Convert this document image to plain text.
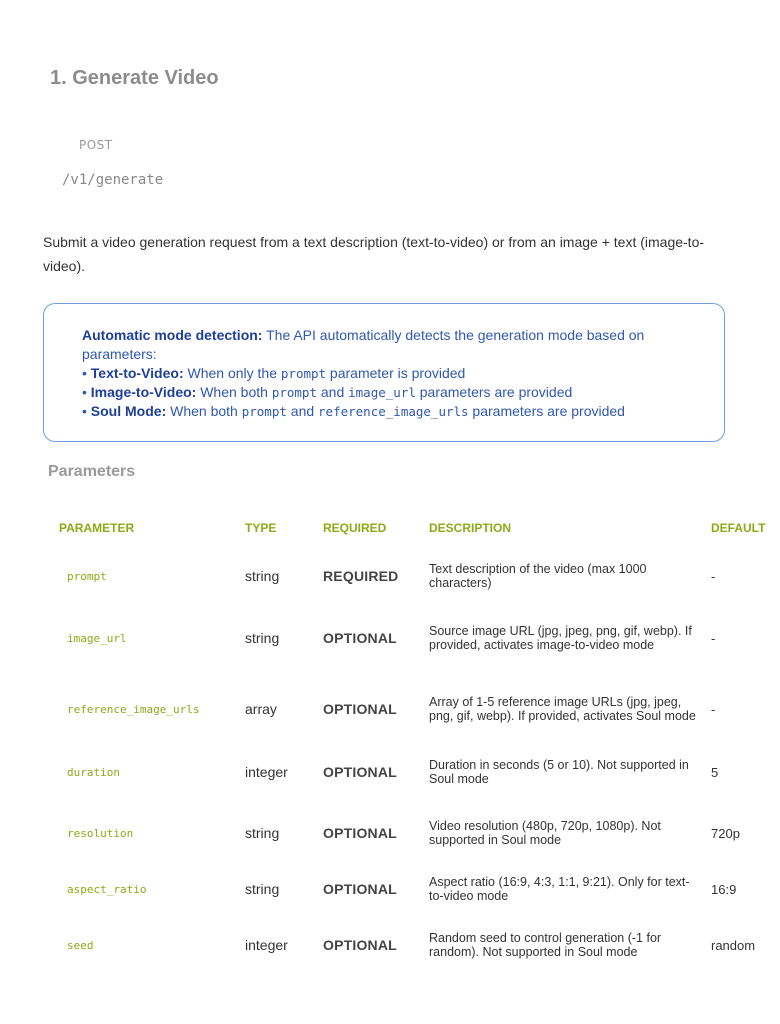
1. Generate Video
POST
/v1/generate

Submit a video generation request from a text description (text-to-video) or from an image + text (image-to-video).

Automatic mode detection: The API automatically detects the generation mode based on parameters:
• Text-to-Video: When only the prompt parameter is provided
• Image-to-Video: When both prompt and image_url parameters are provided
• Soul Mode: When both prompt and reference_image_urls parameters are provided
Parameters
PARAMETER	TYPE	REQUIRED	DESCRIPTION	DEFAULT
prompt	string	REQUIRED	Text description of the video (max 1000 characters)	-
image_url	string	OPTIONAL	Source image URL (jpg, jpeg, png, gif, webp). If provided, activates image-to-video mode	-
reference_image_urls	array	OPTIONAL	Array of 1-5 reference image URLs (jpg, jpeg, png, gif, webp). If provided, activates Soul mode	-
duration	integer	OPTIONAL	Duration in seconds (5 or 10). Not supported in Soul mode	5
resolution	string	OPTIONAL	Video resolution (480p, 720p, 1080p). Not supported in Soul mode	720p
aspect_ratio	string	OPTIONAL	Aspect ratio (16:9, 4:3, 1:1, 9:21). Only for text-to-video mode	16:9
seed	integer	OPTIONAL	Random seed to control generation (-1 for random). Not supported in Soul mode	random
